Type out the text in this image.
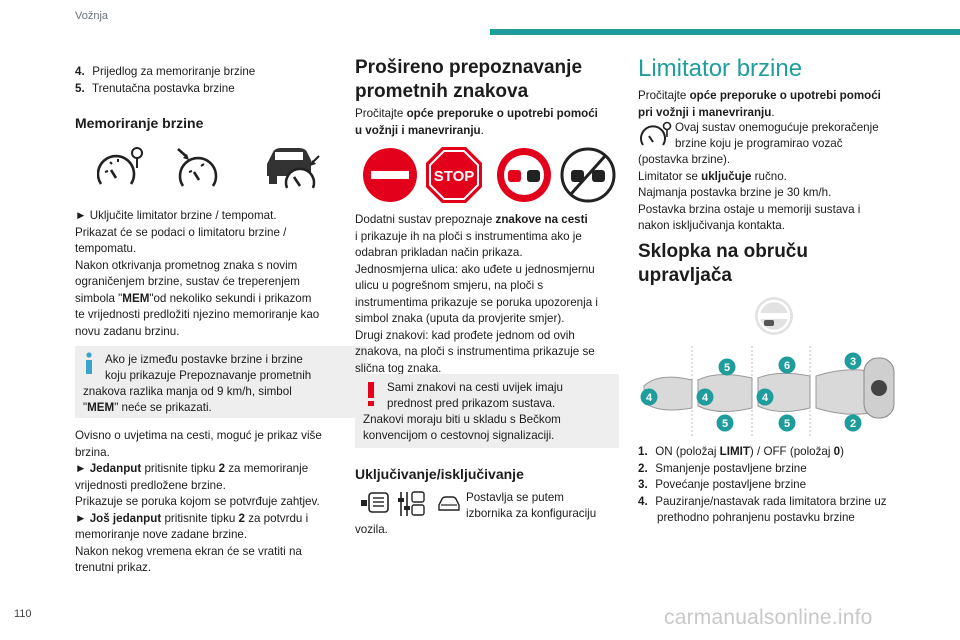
Vožnja

4. Prijedlog za memoriranje brzine

5. Trenutačna postavka brzine

Memoriranje brzine

► Uključite limitator brzine / tempomat.

Prikazat će se podaci o limitatoru brzine /

tempomatu.

Nakon otkrivanja prometnog znaka s novim

ograničenjem brzine, sustav će treperenjem

simbola "MEM"od nekoliko sekundi i prikazom

te vrijednosti predložiti njezino memoriranje kao

novu zadanu brzinu.

Ako je između postavke brzine i brzine

koju prikazuje Prepoznavanje prometnih

znakova razlika manja od 9 km/h, simbol

"MEM" neće se prikazati.

Ovisno o uvjetima na cesti, moguć je prikaz više

brzina.

► Jedanput pritisnite tipku 2 za memoriranje

vrijednosti predložene brzine.

Prikazuje se poruka kojom se potvrđuje zahtjev.

► Još jedanput pritisnite tipku 2 za potvrdu i

memoriranje nove zadane brzine.

Nakon nekog vremena ekran će se vratiti na

trenutni prikaz.

Prošireno prepoznavanje

prometnih znakova

Pročitajte opće preporuke o upotrebi pomoći

u vožnji i manevriranju.

STOP

Dodatni sustav prepoznaje znakove na cesti

i prikazuje ih na ploči s instrumentima ako je

odabran prikladan način prikaza.

Jednosmjerna ulica: ako uđete u jednosmjernu

ulicu u pogrešnom smjeru, na ploči s

instrumentima prikazuje se poruka upozorenja i

simbol znaka (uputa da provjerite smjer).

Drugi znakovi: kad prođete jednom od ovih

znakova, na ploči s instrumentima prikazuje se

slična tog znaka.

Sami znakovi na cesti uvijek imaju

prednost pred prikazom sustava.

Znakovi moraju biti u skladu s Bečkom

konvencijom o cestovnoj signalizaciji.

Uključivanje/isključivanje

Postavlja se putem

izbornika za konfiguraciju

vozila.

Limitator brzine

Pročitajte opće preporuke o upotrebi pomoći

pri vožnji i manevriranju.

Ovaj sustav onemogućuje prekoračenje

brzine koju je programirao vozač

(postavka brzine).

Limitator se uključuje ručno.

Najmanja postavka brzine je 30 km/h.

Postavka brzina ostaje u memoriji sustava i

nakon isključivanja kontakta.

Sklopka na obruču

upravljača

4
5
4
5
6	3
4
5	2

1. ON (položaj LIMIT) / OFF (položaj 0)

2. Smanjenje postavljene brzine

3. Povećanje postavljene brzine

4. Pauziranje/nastavak rada limitatora brzine uz

prethodno pohranjenu postavku brzine

110	carmanualsonline.info
